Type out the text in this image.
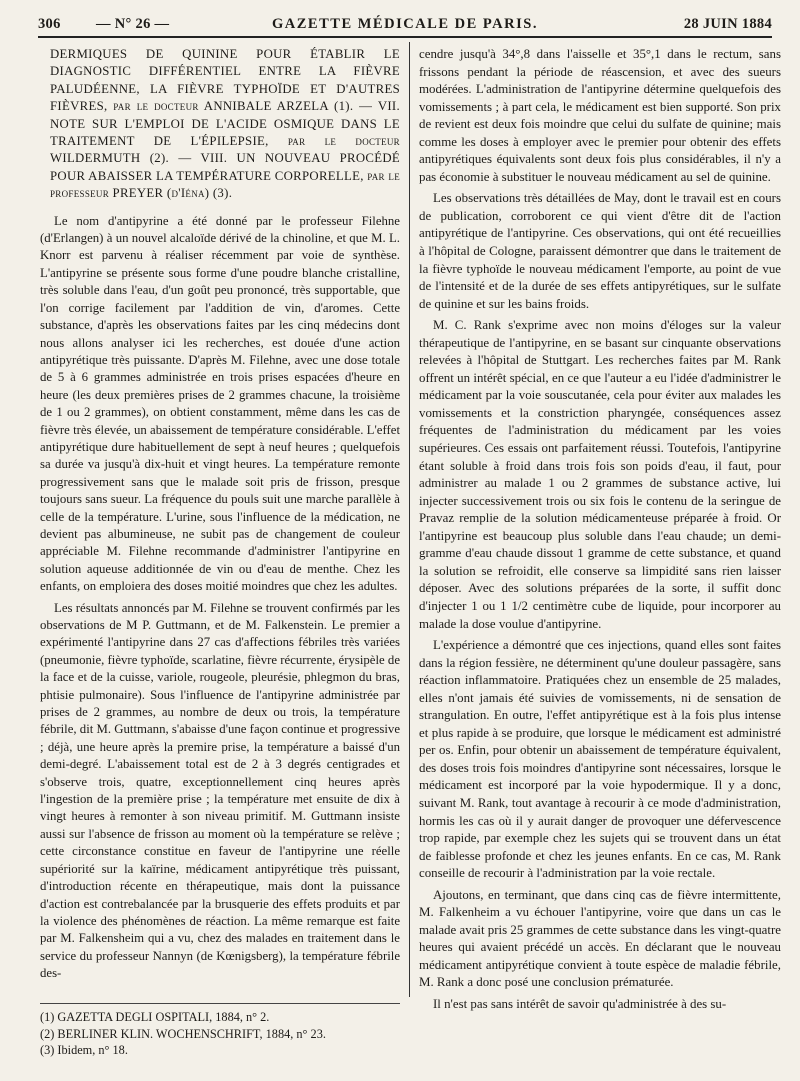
306 — N° 26 —	GAZETTE MÉDICALE DE PARIS.	28 JUIN 1884

DERMIQUES DE QUININE POUR ÉTABLIR LE DIAGNOSTIC DIFFÉRENTIEL ENTRE LA FIÈVRE PALUDÉENNE, LA FIÈVRE TYPHOÏDE ET D'AUTRES FIÈVRES, par le docteur ANNIBALE ARZELA (1). — VII. NOTE SUR L'EMPLOI DE L'ACIDE OSMIQUE DANS LE TRAITEMENT DE L'ÉPILEPSIE, par le docteur WILDERMUTH (2). — VIII. UN NOUVEAU PROCÉDÉ POUR ABAISSER LA TEMPÉRATURE CORPORELLE, par le professeur PREYER (d'Iéna) (3).

Le nom d'antipyrine a été donné par le professeur Filehne (d'Erlangen) à un nouvel alcaloïde dérivé de la chinoline, et que M. L. Knorr est parvenu à réaliser récemment par voie de synthèse. L'antipyrine se présente sous forme d'une poudre blanche cristalline, très soluble dans l'eau, d'un goût peu prononcé, très supportable, que l'on corrige facilement par l'addition de vin, d'aromes. Cette substance, d'après les observations faites par les cinq médecins dont nous allons analyser ici les recherches, est douée d'une action antipyrétique très puissante. D'après M. Filehne, avec une dose totale de 5 à 6 grammes administrée en trois prises espacées d'heure en heure (les deux premières prises de 2 grammes chacune, la troisième de 1 ou 2 grammes), on obtient constamment, même dans les cas de fièvre très élevée, un abaissement de température considérable. L'effet antipyrétique dure habituellement de sept à neuf heures ; quelquefois sa durée va jusqu'à dix-huit et vingt heures. La température remonte progressivement sans que le malade soit pris de frisson, presque toujours sans sueur. La fréquence du pouls suit une marche parallèle à celle de la température. L'urine, sous l'influence de la médication, ne devient pas albumineuse, ne subit pas de changement de couleur appréciable M. Filehne recommande d'administrer l'antipyrine en solution aqueuse additionnée de vin ou d'eau de menthe. Chez les enfants, on emploiera des doses moitié moindres que chez les adultes.

Les résultats annoncés par M. Filehne se trouvent confirmés par les observations de M P. Guttmann, et de M. Falkenstein. Le premier a expérimenté l'antipyrine dans 27 cas d'affections fébriles très variées (pneumonie, fièvre typhoïde, scarlatine, fièvre récurrente, érysipèle de la face et de la cuisse, variole, rougeole, pleurésie, phlegmon du bras, phtisie pulmonaire). Sous l'influence de l'antipyrine administrée par prises de 2 grammes, au nombre de deux ou trois, la température fébrile, dit M. Guttmann, s'abaisse d'une façon continue et progressive ; déjà, une heure après la premire prise, la température a baissé d'un demi-degré. L'abaissement total est de 2 à 3 degrés centigrades et s'observe trois, quatre, exceptionnellement cinq heures après l'ingestion de la première prise ; la température met ensuite de dix à vingt heures à remonter à son niveau primitif. M. Guttmann insiste aussi sur l'absence de frisson au moment où la température se relève ; cette circonstance constitue en faveur de l'antipyrine une réelle supériorité sur la kaïrine, médicament antipyrétique très puissant, d'introduction récente en thérapeutique, mais dont la puissance d'action est contrebalancée par la brusquerie des effets produits et par la violence des phénomènes de réaction. La même remarque est faite par M. Falkensheim qui a vu, chez des malades en traitement dans le service du professeur Nannyn (de Kœnigsberg), la température fébrile des-

cendre jusqu'à 34°,8 dans l'aisselle et 35°,1 dans le rectum, sans frissons pendant la période de réascension, et avec des sueurs modérées. L'administration de l'antipyrine détermine quelquefois des vomissements ; à part cela, le médicament est bien supporté. Son prix de revient est deux fois moindre que celui du sulfate de quinine; mais comme les doses à employer avec le premier pour obtenir des effets antipyrétiques équivalents sont deux fois plus considérables, il n'y a pas économie à substituer le nouveau médicament au sel de quinine.

Les observations très détaillées de May, dont le travail est en cours de publication, corroborent ce qui vient d'être dit de l'action antipyrétique de l'antipyrine. Ces observations, qui ont été recueillies à l'hôpital de Cologne, paraissent démontrer que dans le traitement de la fièvre typhoïde le nouveau médicament l'emporte, au point de vue de l'intensité et de la durée de ses effets antipyrétiques, sur le sulfate de quinine et sur les bains froids.

M. C. Rank s'exprime avec non moins d'éloges sur la valeur thérapeutique de l'antipyrine, en se basant sur cinquante observations relevées à l'hôpital de Stuttgart. Les recherches faites par M. Rank offrent un intérêt spécial, en ce que l'auteur a eu l'idée d'administrer le médicament par la voie souscutanée, cela pour éviter aux malades les vomissements et la constriction pharyngée, conséquences assez fréquentes de l'administration du médicament par les voies supérieures. Ces essais ont parfaitement réussi. Toutefois, l'antipyrine étant soluble à froid dans trois fois son poids d'eau, il faut, pour administrer au malade 1 ou 2 grammes de substance active, lui injecter successivement trois ou six fois le contenu de la seringue de Pravaz remplie de la solution médicamenteuse préparée à froid. Or l'antipyrine est beaucoup plus soluble dans l'eau chaude; un demi-gramme d'eau chaude dissout 1 gramme de cette substance, et quand la solution se refroidit, elle conserve sa limpidité sans rien laisser déposer. Avec des solutions préparées de la sorte, il suffit donc d'injecter 1 ou 1 1/2 centimètre cube de liquide, pour incorporer au malade la dose voulue d'antipyrine.

L'expérience a démontré que ces injections, quand elles sont faites dans la région fessière, ne déterminent qu'une douleur passagère, sans réaction inflammatoire. Pratiquées chez un ensemble de 25 malades, elles n'ont jamais été suivies de vomissements, ni de sensation de strangulation. En outre, l'effet antipyrétique est à la fois plus intense et plus rapide à se produire, que lorsque le médicament est administré per os. Enfin, pour obtenir un abaissement de température équivalent, des doses trois fois moindres d'antipyrine sont nécessaires, lorsque le médicament est incorporé par la voie hypodermique. Il y a donc, suivant M. Rank, tout avantage à recourir à ce mode d'administration, hormis les cas où il y aurait danger de provoquer une défervescence trop rapide, par exemple chez les sujets qui se trouvent dans un état de faiblesse profonde et chez les jeunes enfants. En ce cas, M. Rank conseille de recourir à l'administration par la voie rectale.

Ajoutons, en terminant, que dans cinq cas de fièvre intermittente, M. Falkenheim a vu échouer l'antipyrine, voire que dans un cas le malade avait pris 25 grammes de cette substance dans les vingt-quatre heures qui avaient précédé un accès. En déclarant que le nouveau médicament antipyrétique convient à toute espèce de maladie fébrile, M. Rank a donc posé une conclusion prématurée.

Il n'est pas sans intérêt de savoir qu'administrée à des su-

(1) GAZETTA DEGLI OSPITALI, 1884, n° 2.
(2) BERLINER KLIN. WOCHENSCHRIFT, 1884, n° 23.
(3) Ibidem, n° 18.
